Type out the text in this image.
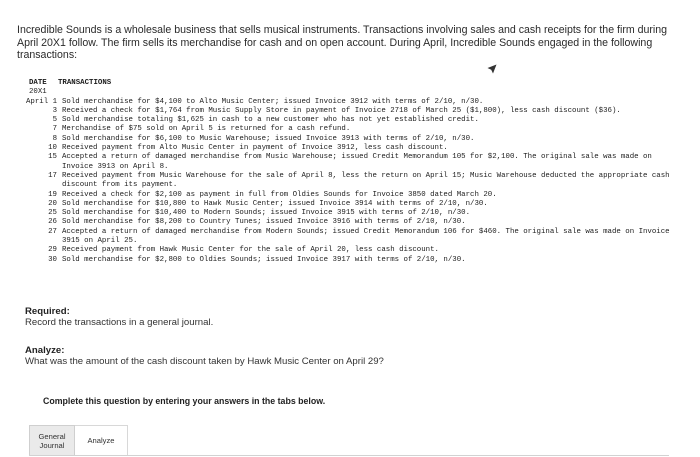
Incredible Sounds is a wholesale business that sells musical instruments. Transactions involving sales and cash receipts for the firm during April 20X1 follow. The firm sells its merchandise for cash and on open account. During April, Incredible Sounds engaged in the following transactions:
DATE	TRANSACTIONS
20X1
April 1 Sold merchandise for $4,100 to Alto Music Center; issued Invoice 3912 with terms of 2/10, n/30.
3 Received a check for $1,764 from Music Supply Store in payment of Invoice 2718 of March 25 ($1,800), less cash discount ($36).
5 Sold merchandise totaling $1,625 in cash to a new customer who has not yet established credit.
7 Merchandise of $75 sold on April 5 is returned for a cash refund.
8 Sold merchandise for $6,100 to Music Warehouse; issued Invoice 3913 with terms of 2/10, n/30.
10 Received payment from Alto Music Center in payment of Invoice 3912, less cash discount.
15 Accepted a return of damaged merchandise from Music Warehouse; issued Credit Memorandum 105 for $2,100. The original sale was made on Invoice 3913 on April 8.
17 Received payment from Music Warehouse for the sale of April 8, less the return on April 15; Music Warehouse deducted the appropriate cash discount from its payment.
19 Received a check for $2,100 as payment in full from Oldies Sounds for Invoice 3850 dated March 20.
20 Sold merchandise for $10,800 to Hawk Music Center; issued Invoice 3914 with terms of 2/10, n/30.
25 Sold merchandise for $10,400 to Modern Sounds; issued Invoice 3915 with terms of 2/10, n/30.
26 Sold merchandise for $8,200 to Country Tunes; issued Invoice 3916 with terms of 2/10, n/30.
27 Accepted a return of damaged merchandise from Modern Sounds; issued Credit Memorandum 106 for $460. The original sale was made on Invoice 3915 on April 25.
29 Received payment from Hawk Music Center for the sale of April 20, less cash discount.
30 Sold merchandise for $2,800 to Oldies Sounds; issued Invoice 3917 with terms of 2/10, n/30.
Required:
Record the transactions in a general journal.
Analyze:
What was the amount of the cash discount taken by Hawk Music Center on April 29?
Complete this question by entering your answers in the tabs below.
General Journal	Analyze
